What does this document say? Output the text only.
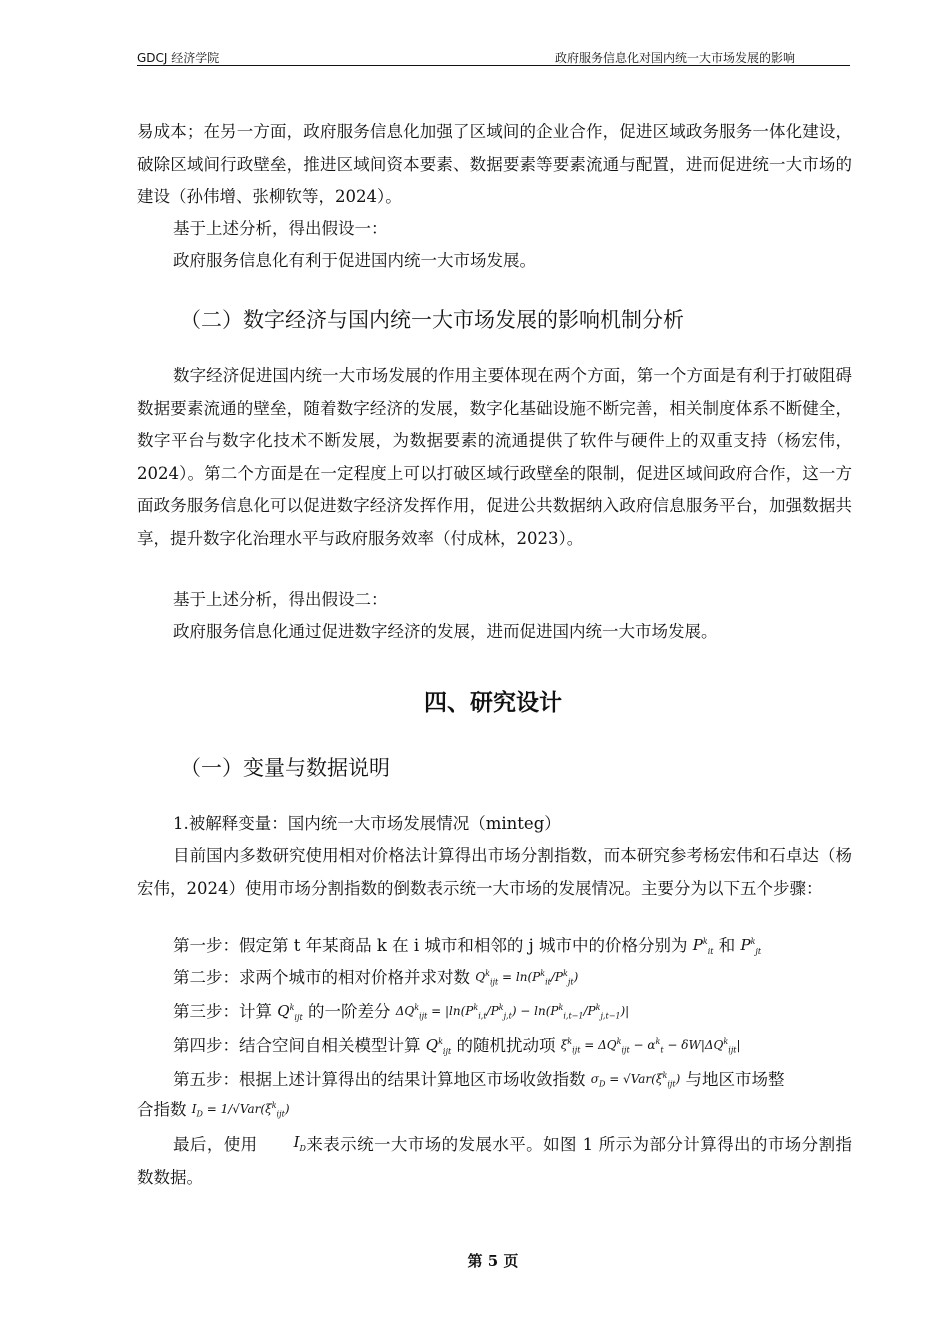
GDCJ 经济学院	政府服务信息化对国内统一大市场发展的影响

易成本；在另一方面，政府服务信息化加强了区域间的企业合作，促进区域政务服务一体化建设，破除区域间行政壁垒，推进区域间资本要素、数据要素等要素流通与配置，进而促进统一大市场的建设（孙伟增、张柳钦等，2024）。

基于上述分析，得出假设一：

政府服务信息化有利于促进国内统一大市场发展。

（二）数字经济与国内统一大市场发展的影响机制分析

数字经济促进国内统一大市场发展的作用主要体现在两个方面，第一个方面是有利于打破阻碍数据要素流通的壁垒，随着数字经济的发展，数字化基础设施不断完善，相关制度体系不断健全，数字平台与数字化技术不断发展，为数据要素的流通提供了软件与硬件上的双重支持（杨宏伟，2024）。第二个方面是在一定程度上可以打破区域行政壁垒的限制，促进区域间政府合作，这一方面政务服务信息化可以促进数字经济发挥作用，促进公共数据纳入政府信息服务平台，加强数据共享，提升数字化治理水平与政府服务效率（付成林，2023）。

基于上述分析，得出假设二：

政府服务信息化通过促进数字经济的发展，进而促进国内统一大市场发展。

四、研究设计
（一）变量与数据说明

1.被解释变量：国内统一大市场发展情况（minteg）

目前国内多数研究使用相对价格法计算得出市场分割指数，而本研究参考杨宏伟和石卓达（杨宏伟，2024）使用市场分割指数的倒数表示统一大市场的发展情况。主要分为以下五个步骤：

第一步：假定第 t 年某商品 k 在 i 城市和相邻的 j 城市中的价格分别为 $P^k_{it}$ 和 $P^k_{jt}$
第二步：求两个城市的相对价格并求对数 $Q^k_{ijt} = \ln(P^k_{it}/P^k_{jt})$
第三步：计算 $Q^k_{ijt}$ 的一阶差分 $\Delta Q^k_{ijt} = |\ln(P^k_{i,t}/P^k_{j,t}) - \ln(P^k_{i,t-1}/P^k_{j,t-1})|$
第四步：结合空间自相关模型计算 $Q^k_{ijt}$ 的随机扰动项 $\xi^k_{ijt} = \Delta Q^k_{ijt} - \alpha^k_t - \delta W|\Delta Q^k_{ijt}|$
第五步：根据上述计算得出的结果计算地区市场收敛指数 $\sigma_D = √Var(\xi^k_{ijt})$ 与地区市场整
合指数 $I_D = 1/√Var(\xi^k_{ijt})$
最后，使用 $I_D$来表示统一大市场的发展水平。如图 1 所示为部分计算得出的市场分割指数数据。
第 5 页
